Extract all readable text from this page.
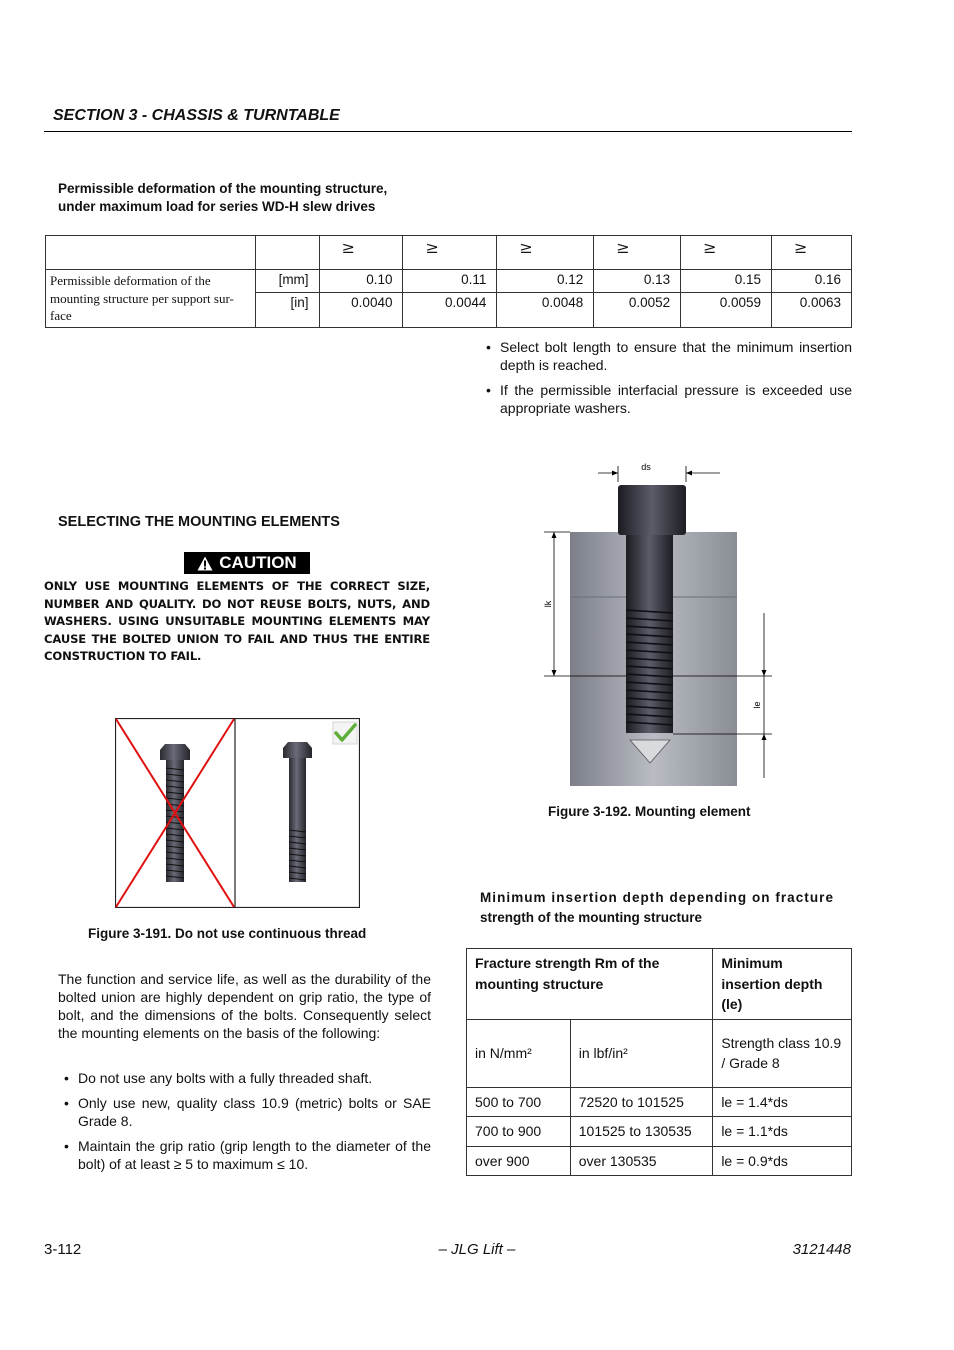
SECTION 3 - CHASSIS & TURNTABLE
Permissible deformation of the mounting structure,
under maximum load for series WD-H slew drives
		≥	≥	≥	≥	≥	≥
Permissible deformation of the mounting structure per support sur-face	[mm]	0.10	0.11	0.12	0.13	0.15	0.16
	[in]	0.0040	0.0044	0.0048	0.0052	0.0059	0.0063
• Select bolt length to ensure that the minimum insertion depth is reached.
• If the permissible interfacial pressure is exceeded use appropriate washers.
SELECTING THE MOUNTING ELEMENTS
CAUTION
ONLY USE MOUNTING ELEMENTS OF THE CORRECT SIZE, NUMBER AND QUALITY. DO NOT REUSE BOLTS, NUTS, AND WASHERS. USING UNSUITABLE MOUNTING ELEMENTS MAY CAUSE THE BOLTED UNION TO FAIL AND THUS THE ENTIRE CONSTRUCTION TO FAIL.
Figure 3-191. Do not use continuous thread
ds
lk
le
Figure 3-192. Mounting element
The function and service life, as well as the durability of the bolted union are highly dependent on grip ratio, the type of bolt, and the dimensions of the bolts. Consequently select the mounting elements on the basis of the following:
• Do not use any bolts with a fully threaded shaft.
• Only use new, quality class 10.9 (metric) bolts or SAE Grade 8.
• Maintain the grip ratio (grip length to the diameter of the bolt) of at least ≥ 5 to maximum ≤ 10.
Minimum insertion depth depending on fracture
strength of the mounting structure
Fracture strength Rm of the mounting structure		Minimum insertion depth (le)
in N/mm²	in lbf/in²	Strength class 10.9 / Grade 8
500 to 700	72520 to 101525	le = 1.4*ds
700 to 900	101525 to 130535	le = 1.1*ds
over 900	over 130535	le = 0.9*ds
3-112	– JLG Lift –	3121448
